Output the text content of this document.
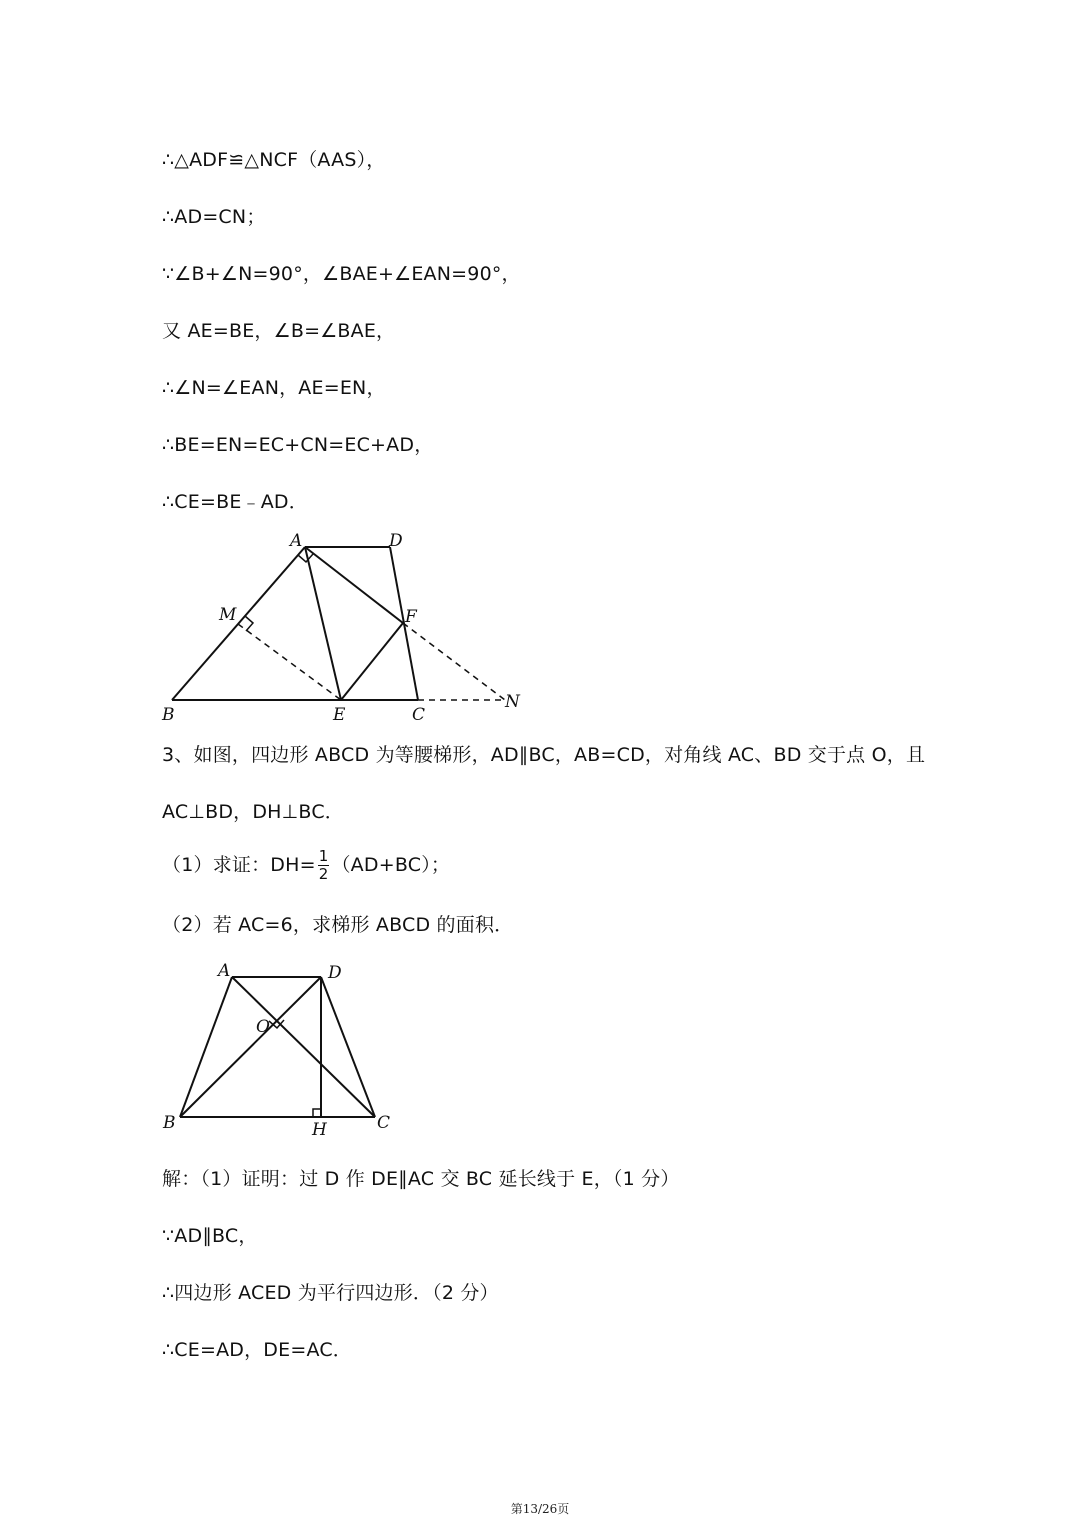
∴△ADF≌△NCF（AAS），
∴AD=CN；
∵∠B+∠N=90°，∠BAE+∠EAN=90°，
又 AE=BE，∠B=∠BAE，
∴∠N=∠EAN，AE=EN，
∴BE=EN=EC+CN=EC+AD，
∴CE=BE﹣AD．
A	D
M	F
B	E	C
N
3、如图，四边形 ABCD 为等腰梯形，AD∥BC，AB=CD，对角线 AC、BD 交于点 O，且
AC⊥BD，DH⊥BC．
（1）求证：$DH= \frac{1}{2} (AD+BC)$；
（2）若 AC=6，求梯形 ABCD 的面积．
A	D
O
B	H	C
解：（1）证明：过 D 作 DE∥AC 交 BC 延长线于 E，（1 分）
∵AD∥BC，
∴四边形 ACED 为平行四边形．（2 分）
∴CE=AD，DE=AC．
第13/26页
